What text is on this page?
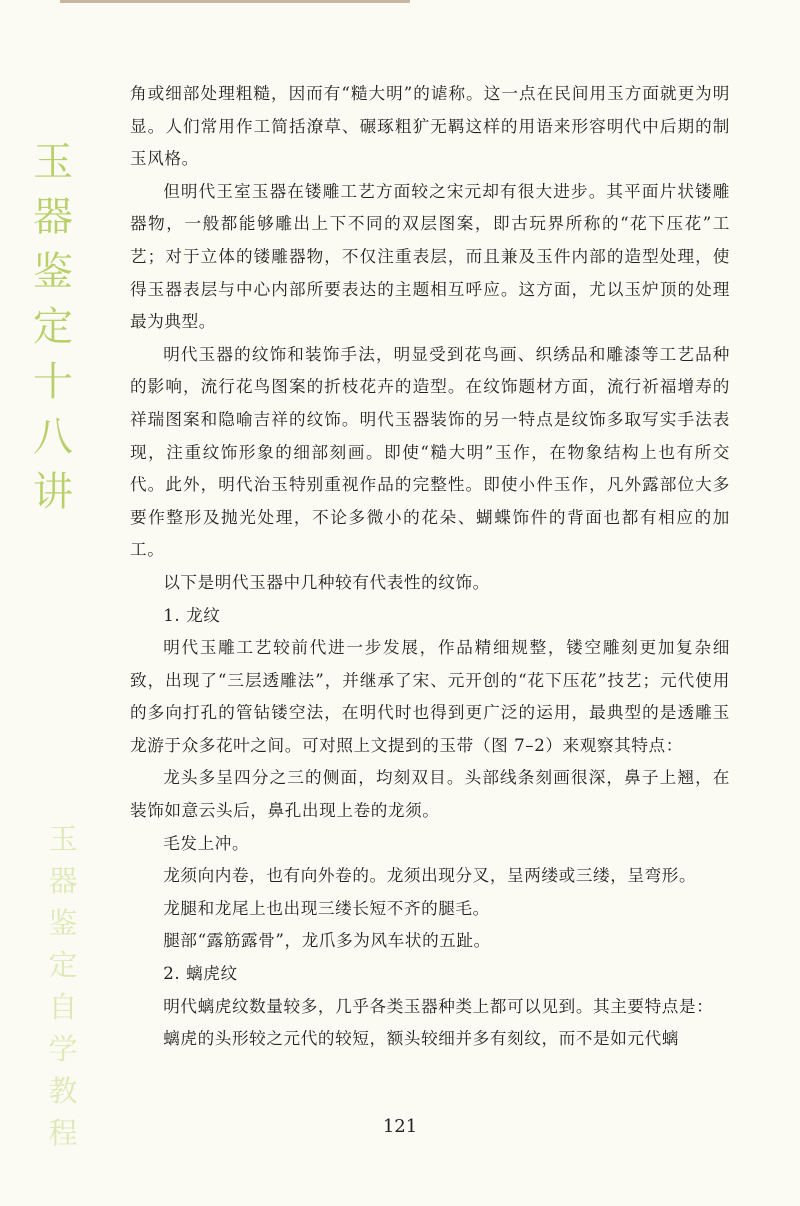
玉
器
鉴
定
十
八
讲
玉
器
鉴
定
自
学
教
程

角或细部处理粗糙，因而有“糙大明”的谑称。这一点在民间用玉方面就更为明显。人们常用作工简括潦草、碾琢粗犷无羁这样的用语来形容明代中后期的制玉风格。

但明代王室玉器在镂雕工艺方面较之宋元却有很大进步。其平面片状镂雕器物，一般都能够雕出上下不同的双层图案，即古玩界所称的“花下压花”工艺；对于立体的镂雕器物，不仅注重表层，而且兼及玉件内部的造型处理，使得玉器表层与中心内部所要表达的主题相互呼应。这方面，尤以玉炉顶的处理最为典型。

明代玉器的纹饰和装饰手法，明显受到花鸟画、织绣品和雕漆等工艺品种的影响，流行花鸟图案的折枝花卉的造型。在纹饰题材方面，流行祈福增寿的祥瑞图案和隐喻吉祥的纹饰。明代玉器装饰的另一特点是纹饰多取写实手法表现，注重纹饰形象的细部刻画。即使“糙大明”玉作，在物象结构上也有所交代。此外，明代治玉特别重视作品的完整性。即使小件玉作，凡外露部位大多要作整形及抛光处理，不论多微小的花朵、蝴蝶饰件的背面也都有相应的加工。

以下是明代玉器中几种较有代表性的纹饰。

1. 龙纹

明代玉雕工艺较前代进一步发展，作品精细规整，镂空雕刻更加复杂细致，出现了“三层透雕法”，并继承了宋、元开创的“花下压花”技艺；元代使用的多向打孔的管钻镂空法，在明代时也得到更广泛的运用，最典型的是透雕玉龙游于众多花叶之间。可对照上文提到的玉带（图 7–2）来观察其特点：

龙头多呈四分之三的侧面，均刻双目。头部线条刻画很深，鼻子上翘，在装饰如意云头后，鼻孔出现上卷的龙须。

毛发上冲。

龙须向内卷，也有向外卷的。龙须出现分叉，呈两缕或三缕，呈弯形。

龙腿和龙尾上也出现三缕长短不齐的腿毛。

腿部“露筋露骨”，龙爪多为风车状的五趾。

2. 螭虎纹

明代螭虎纹数量较多，几乎各类玉器种类上都可以见到。其主要特点是：

螭虎的头形较之元代的较短，额头较细并多有刻纹，而不是如元代螭

121
